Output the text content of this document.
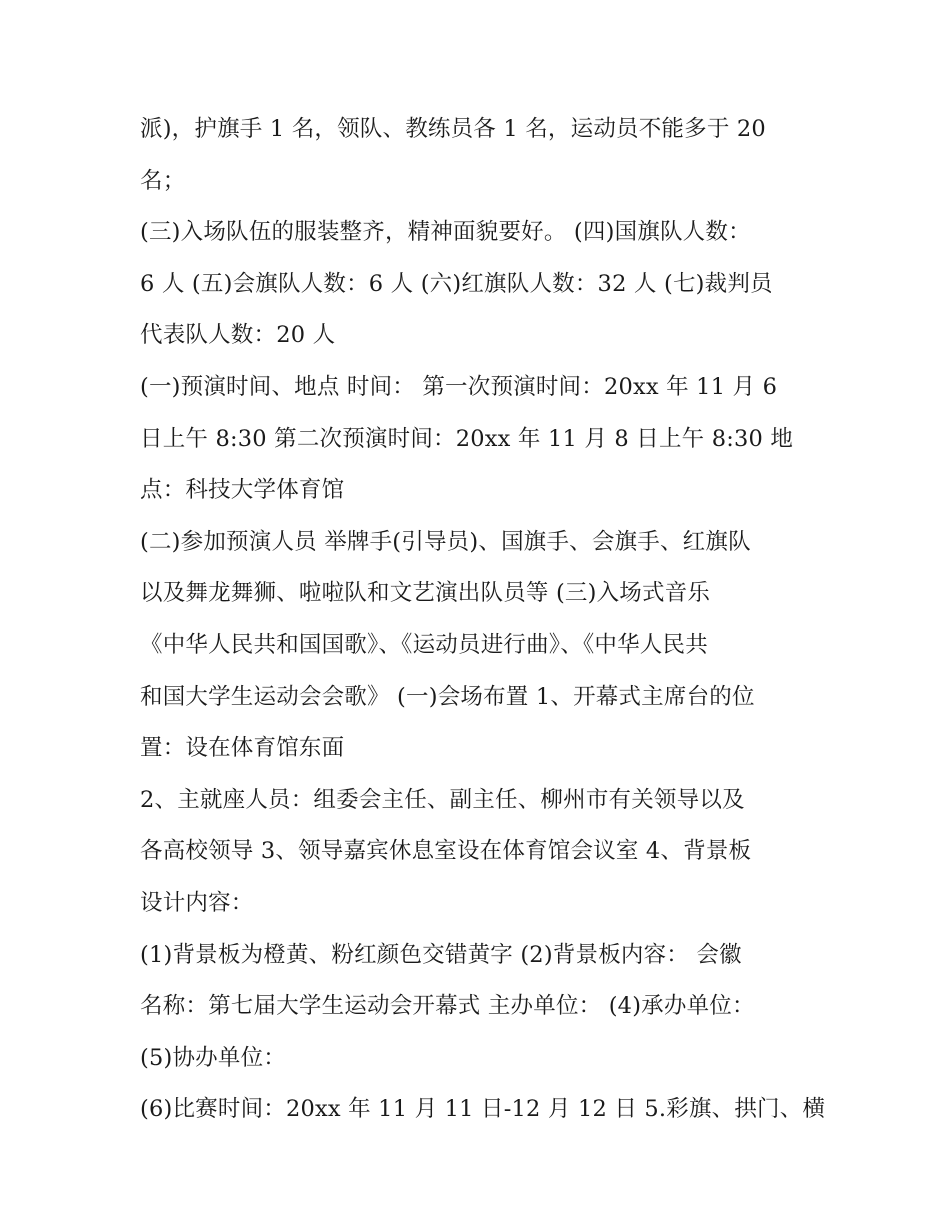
派)，护旗手 1 名，领队、教练员各 1 名，运动员不能多于 20
名；
(三)入场队伍的服装整齐，精神面貌要好。 (四)国旗队人数：
6 人 (五)会旗队人数：6 人 (六)红旗队人数：32 人 (七)裁判员
代表队人数：20 人
(一)预演时间、地点 时间： 第一次预演时间：20xx 年 11 月 6
日上午 8:30 第二次预演时间：20xx 年 11 月 8 日上午 8:30 地
点：科技大学体育馆
(二)参加预演人员 举牌手(引导员)、国旗手、会旗手、红旗队
以及舞龙舞狮、啦啦队和文艺演出队员等 (三)入场式音乐
《中华人民共和国国歌》、《运动员进行曲》、《中华人民共
和国大学生运动会会歌》 (一)会场布置 1、开幕式主席台的位
置：设在体育馆东面
2、主就座人员：组委会主任、副主任、柳州市有关领导以及
各高校领导 3、领导嘉宾休息室设在体育馆会议室 4、背景板
设计内容：
(1)背景板为橙黄、粉红颜色交错黄字 (2)背景板内容： 会徽
名称：第七届大学生运动会开幕式 主办单位： (4)承办单位：
(5)协办单位：
(6)比赛时间：20xx 年 11 月 11 日-12 月 12 日 5.彩旗、拱门、横
